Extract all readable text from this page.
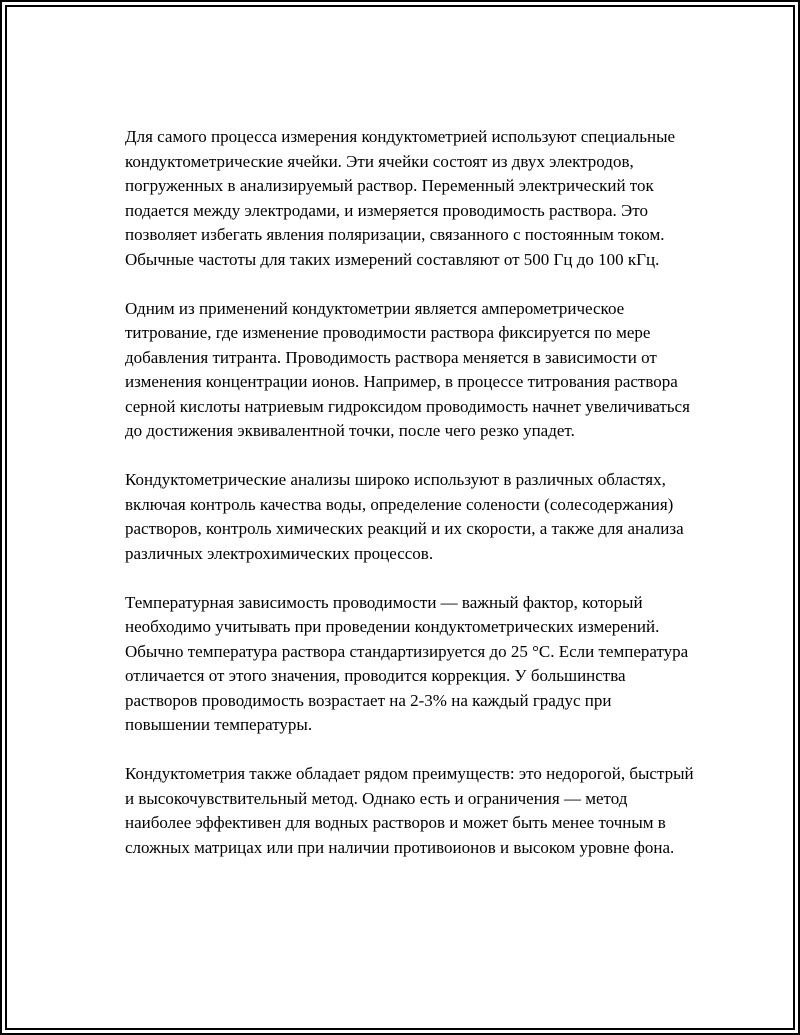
Для самого процесса измерения кондуктометрией используют специальные кондуктометрические ячейки. Эти ячейки состоят из двух электродов, погруженных в анализируемый раствор. Переменный электрический ток подается между электродами, и измеряется проводимость раствора. Это позволяет избегать явления поляризации, связанного с постоянным током. Обычные частоты для таких измерений составляют от 500 Гц до 100 кГц.

Одним из применений кондуктометрии является амперометрическое титрование, где изменение проводимости раствора фиксируется по мере добавления титранта. Проводимость раствора меняется в зависимости от изменения концентрации ионов. Например, в процессе титрования раствора серной кислоты натриевым гидроксидом проводимость начнет увеличиваться до достижения эквивалентной точки, после чего резко упадет.

Кондуктометрические анализы широко используют в различных областях, включая контроль качества воды, определение солености (солесодержания) растворов, контроль химических реакций и их скорости, а также для анализа различных электрохимических процессов.

Температурная зависимость проводимости — важный фактор, который необходимо учитывать при проведении кондуктометрических измерений. Обычно температура раствора стандартизируется до 25 °C. Если температура отличается от этого значения, проводится коррекция. У большинства растворов проводимость возрастает на 2-3% на каждый градус при повышении температуры.

Кондуктометрия также обладает рядом преимуществ: это недорогой, быстрый и высокочувствительный метод. Однако есть и ограничения — метод наиболее эффективен для водных растворов и может быть менее точным в сложных матрицах или при наличии противоионов и высоком уровне фона.
